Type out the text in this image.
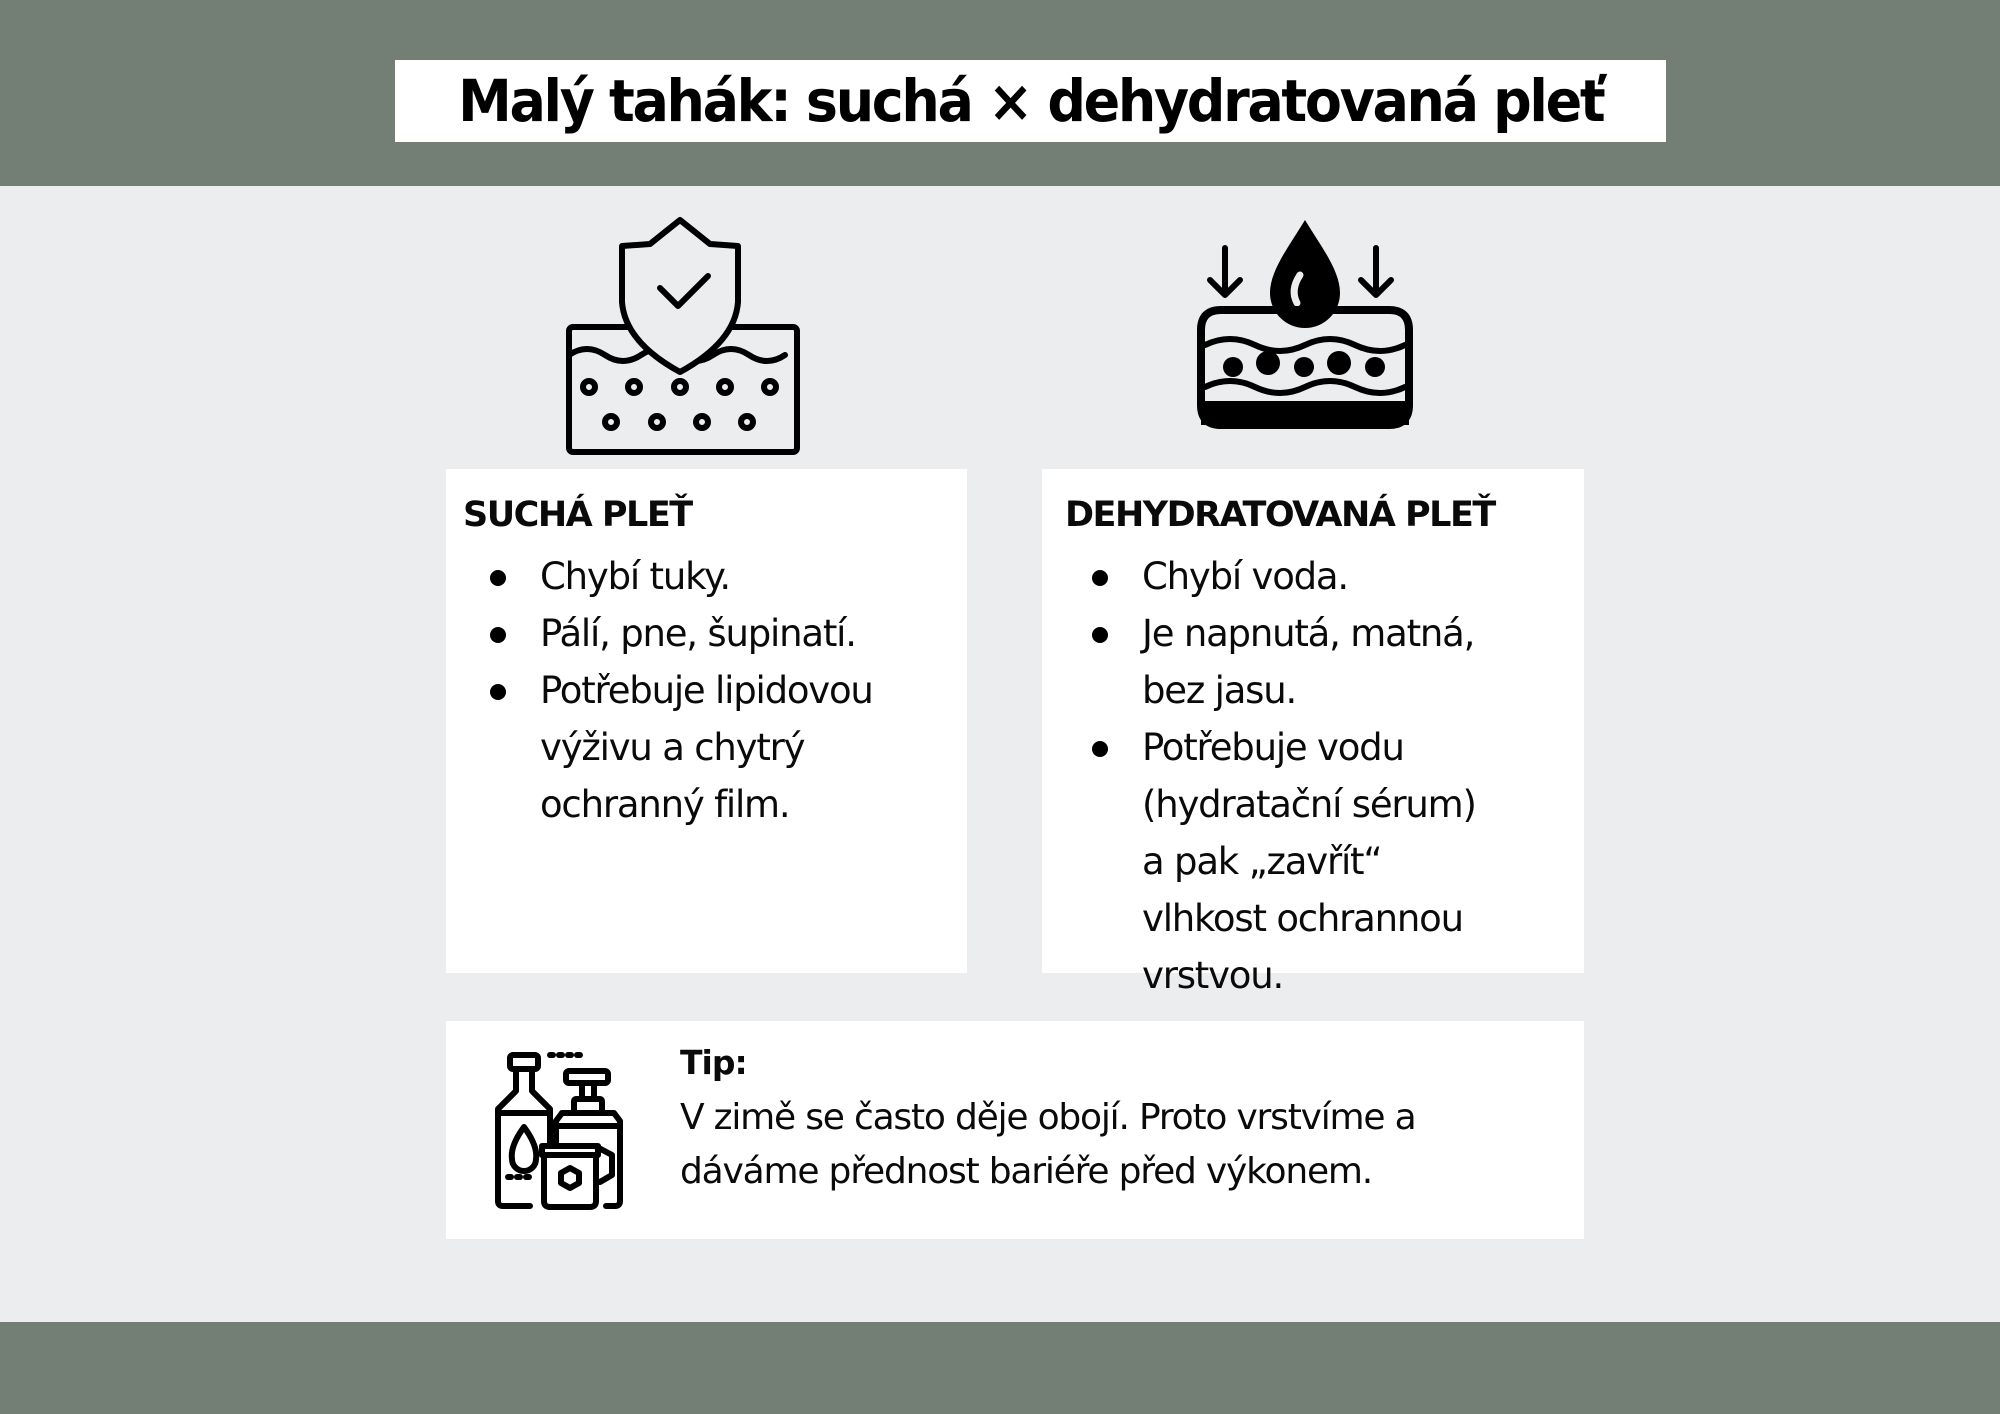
Malý tahák: suchá × dehydratovaná pleť
SUCHÁ PLEŤ
Chybí tuky.
Pálí, pne, šupinatí.
Potřebuje lipidovou výživu a chytrý ochranný film.
DEHYDRATOVANÁ PLEŤ
Chybí voda.
Je napnutá, matná, bez jasu.
Potřebuje vodu (hydratační sérum) a pak „zavřít“ vlhkost ochrannou vrstvou.
Tip:
V zimě se často děje obojí. Proto vrstvíme a dáváme přednost bariéře před výkonem.
